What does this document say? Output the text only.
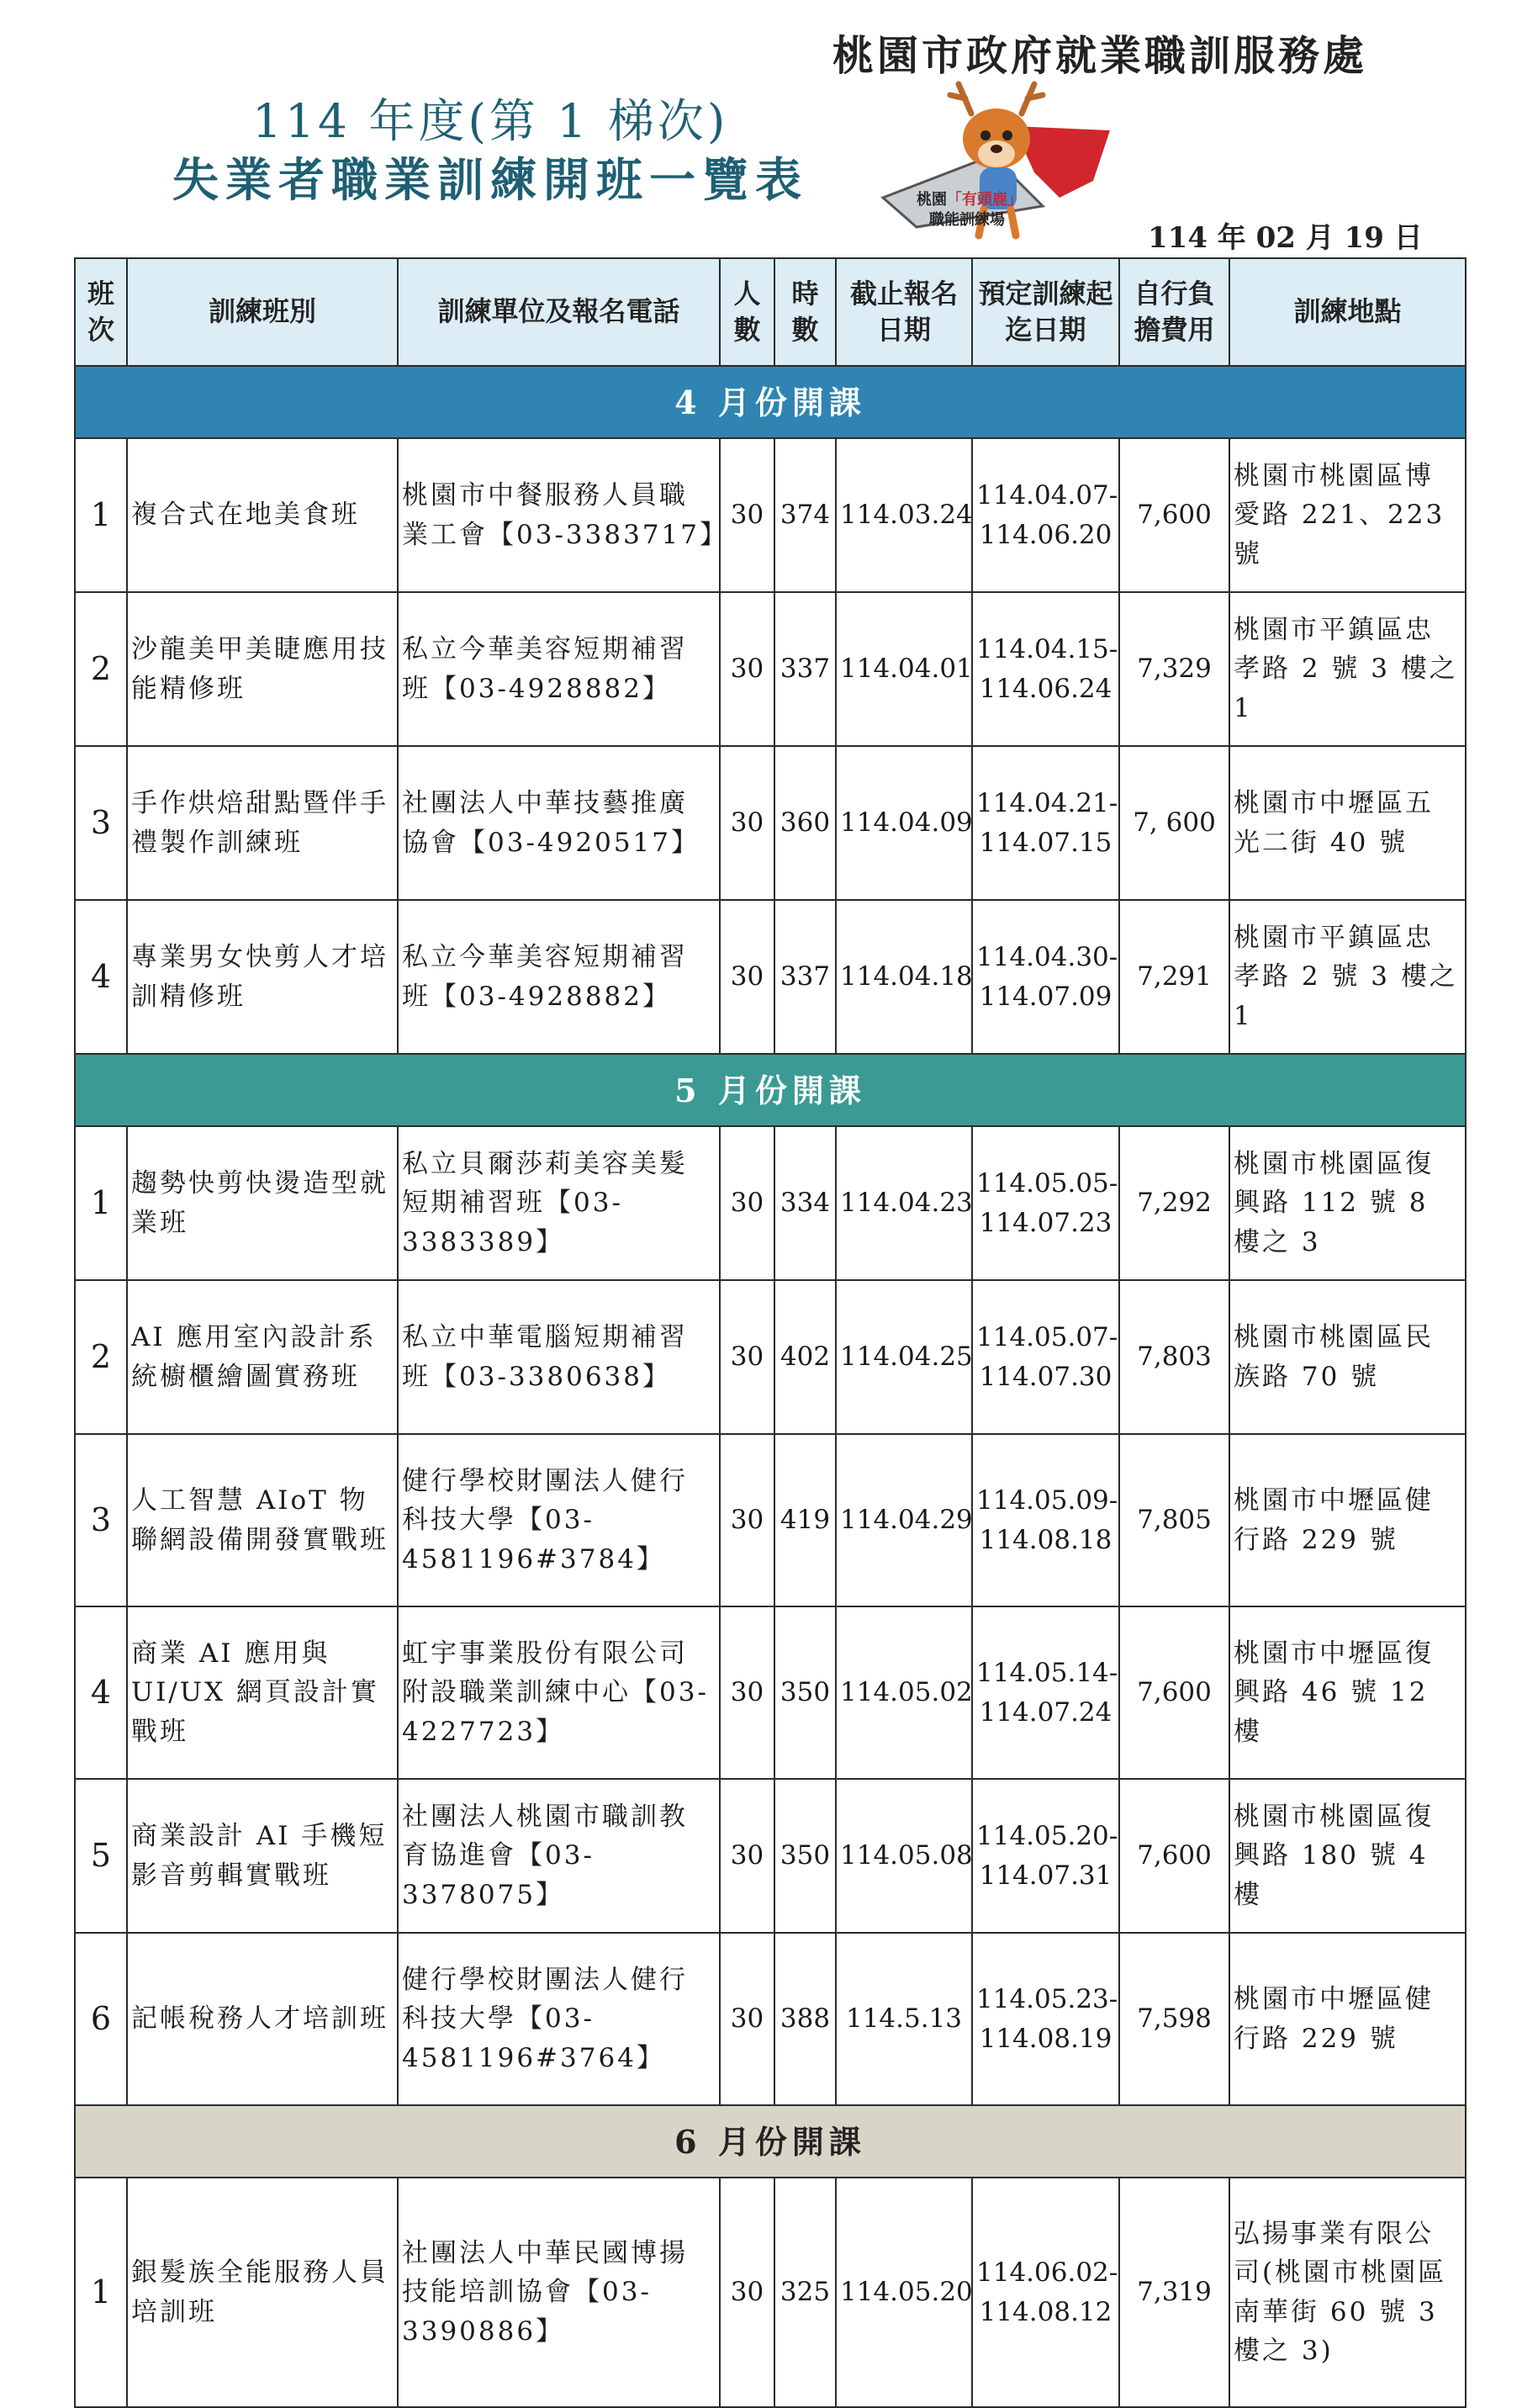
桃園市政府就業職訓服務處
114 年度(第 1 梯次)
失業者職業訓練開班一覽表	桃園「有頭鹿」
職能訓練場
114 年 02 月 19 日
班次	訓練班別	訓練單位及報名電話	人數	時數	截止報名日期	預定訓練起迄日期	自行負擔費用	訓練地點
4 月份開課								
1	複合式在地美食班	桃園市中餐服務人員職業工會【03-3383717】	30	374	114.03.24	114.04.07-114.06.20	7,600	桃園市桃園區博愛路 221、223 號
2	沙龍美甲美睫應用技能精修班	私立今華美容短期補習班【03-4928882】	30	337	114.04.01	114.04.15-114.06.24	7,329	桃園市平鎮區忠孝路 2 號 3 樓之 1
3	手作烘焙甜點暨伴手禮製作訓練班	社團法人中華技藝推廣協會【03-4920517】	30	360	114.04.09	114.04.21-114.07.15	7, 600	桃園市中壢區五光二街 40 號
4	專業男女快剪人才培訓精修班	私立今華美容短期補習班【03-4928882】	30	337	114.04.18	114.04.30-114.07.09	7,291	桃園市平鎮區忠孝路 2 號 3 樓之 1
5 月份開課								
1	趨勢快剪快燙造型就業班	私立貝爾莎莉美容美髮短期補習班【03-3383389】	30	334	114.04.23	114.05.05-114.07.23	7,292	桃園市桃園區復興路 112 號 8 樓之 3
2	AI 應用室內設計系統櫥櫃繪圖實務班	私立中華電腦短期補習班【03-3380638】	30	402	114.04.25	114.05.07-114.07.30	7,803	桃園市桃園區民族路 70 號
3	人工智慧 AIoT 物聯網設備開發實戰班	健行學校財團法人健行科技大學【03-4581196#3784】	30	419	114.04.29	114.05.09-114.08.18	7,805	桃園市中壢區健行路 229 號
4	商業 AI 應用與 UI/UX 網頁設計實戰班	虹宇事業股份有限公司附設職業訓練中心【03-4227723】	30	350	114.05.02	114.05.14-114.07.24	7,600	桃園市中壢區復興路 46 號 12 樓
5	商業設計 AI 手機短影音剪輯實戰班	社團法人桃園市職訓教育協進會【03-3378075】	30	350	114.05.08	114.05.20-114.07.31	7,600	桃園市桃園區復興路 180 號 4 樓
6	記帳稅務人才培訓班	健行學校財團法人健行科技大學【03-4581196#3764】	30	388	114.5.13	114.05.23-114.08.19	7,598	桃園市中壢區健行路 229 號
6 月份開課								
1	銀髮族全能服務人員培訓班	社團法人中華民國博揚技能培訓協會【03-3390886】	30	325	114.05.20	114.06.02-114.08.12	7,319	弘揚事業有限公司(桃園市桃園區南華街 60 號 3 樓之 3)
